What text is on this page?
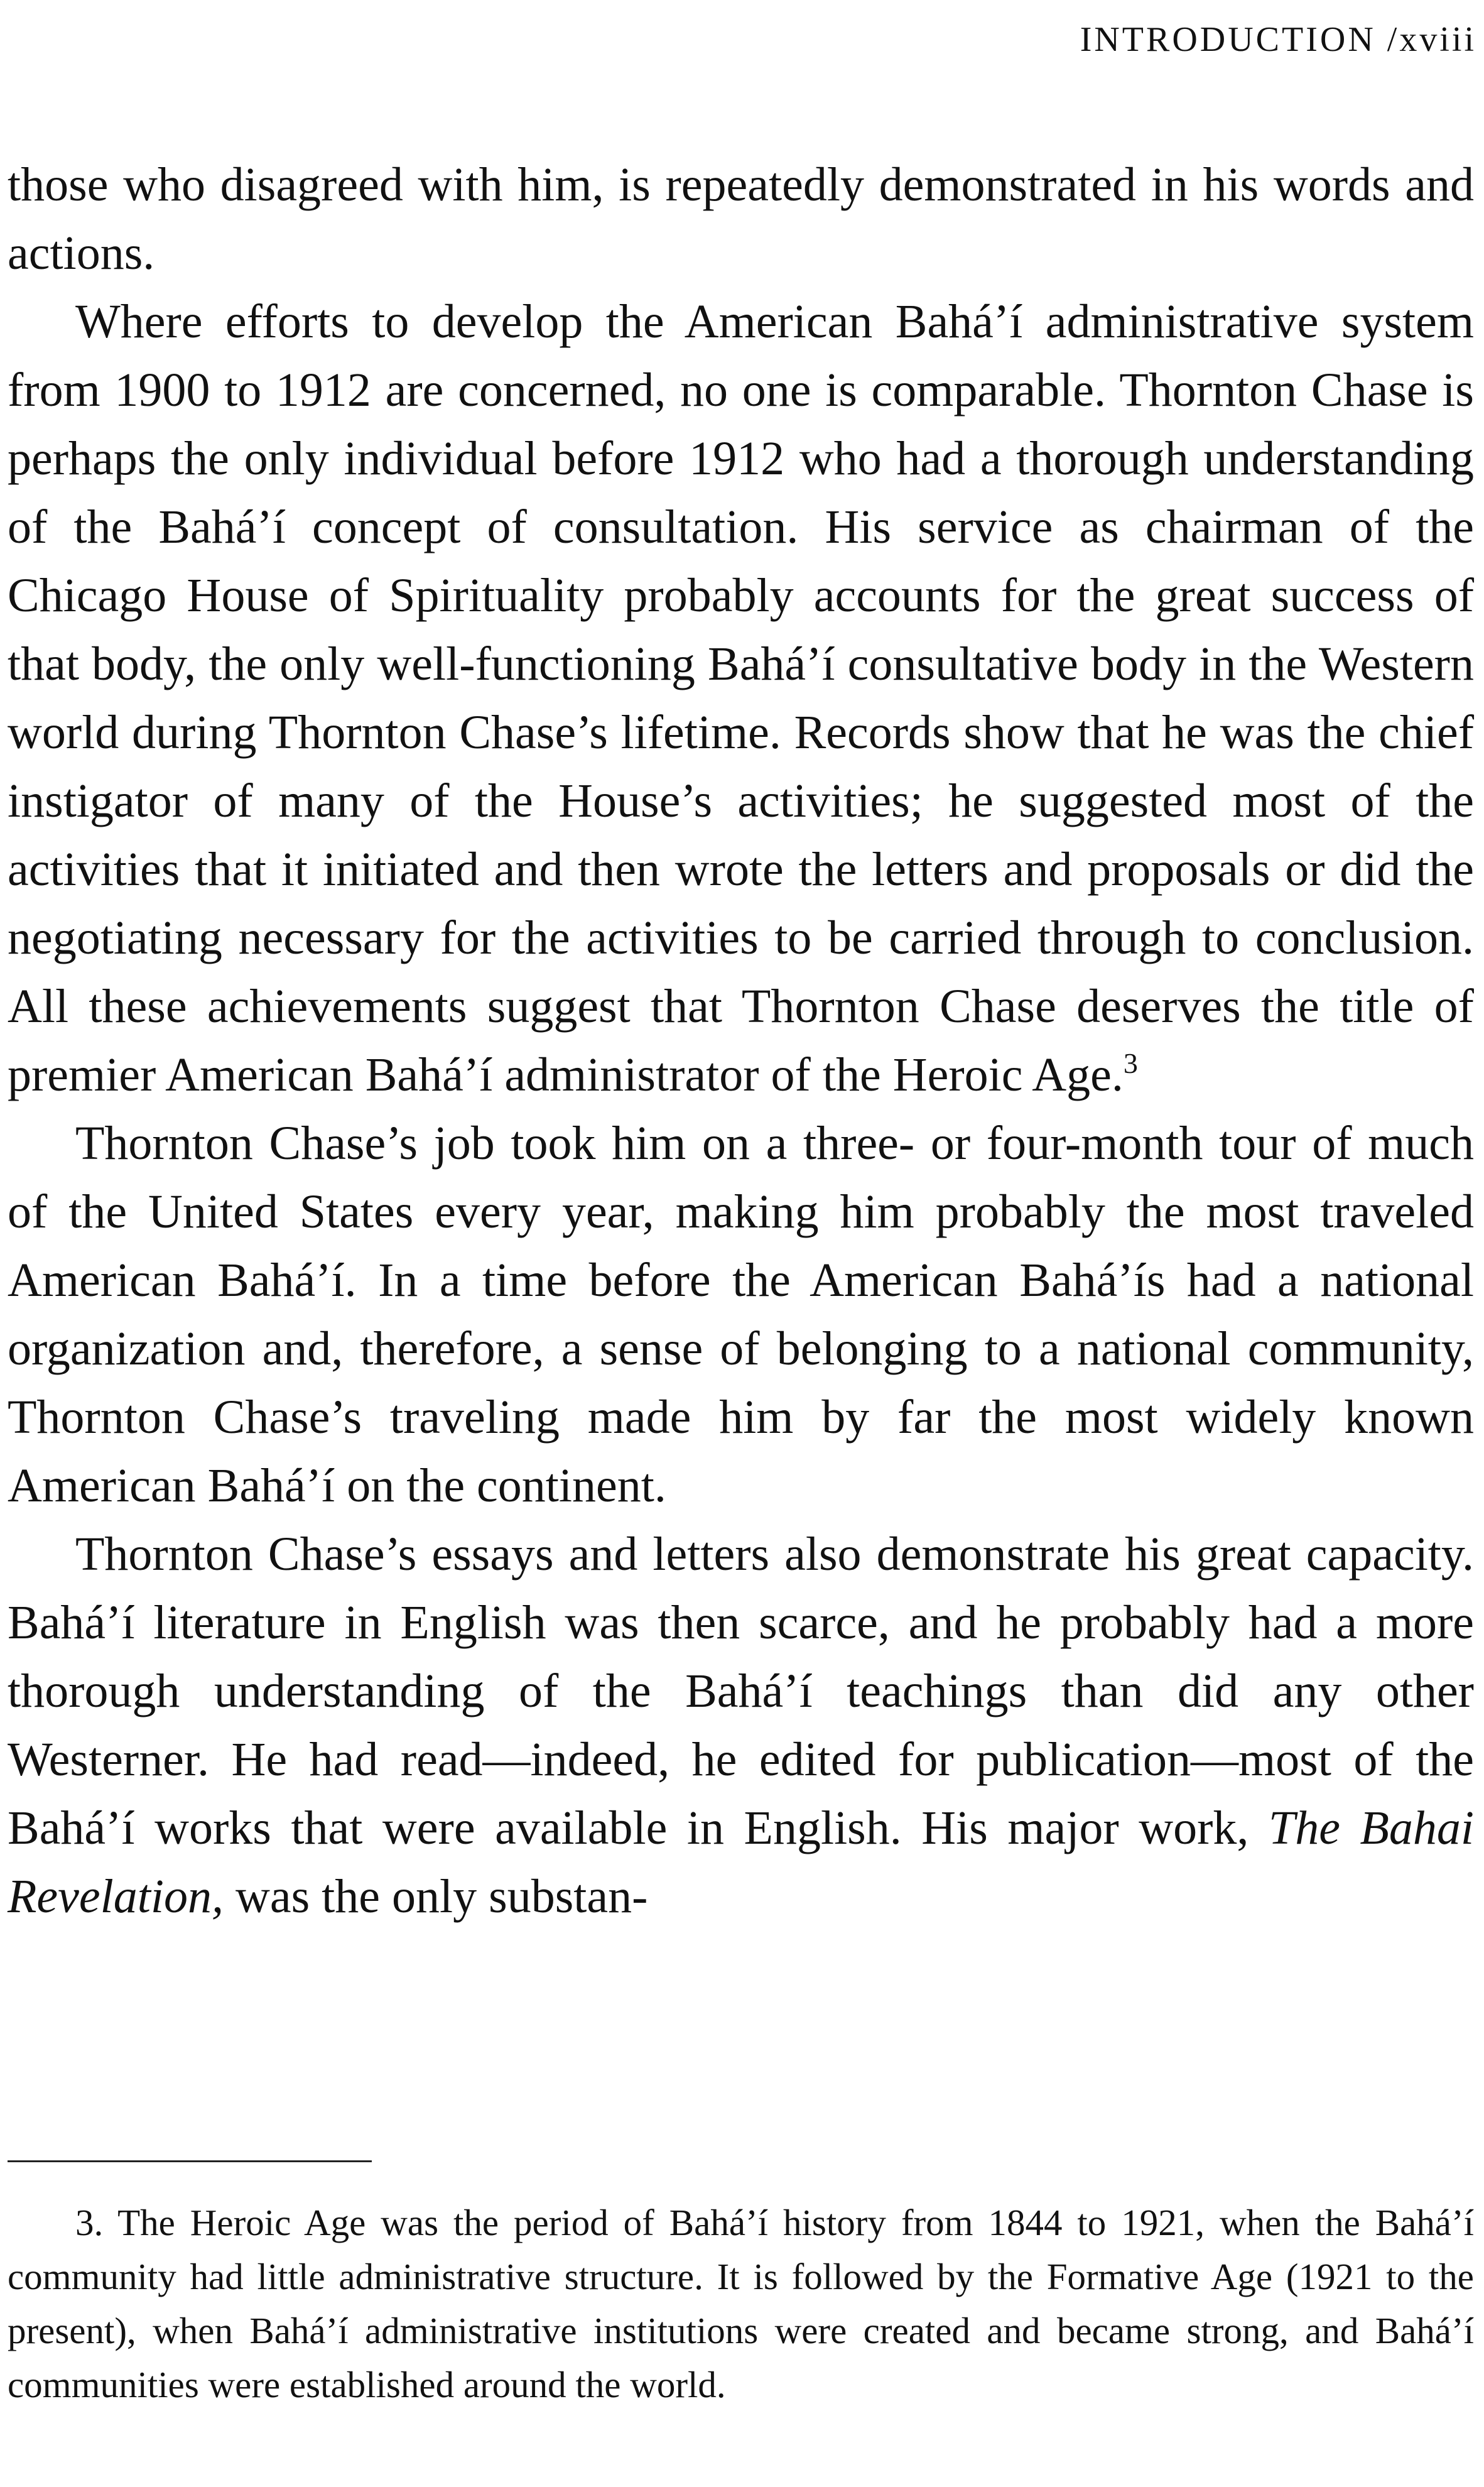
INTRODUCTION /xviii

those who disagreed with him, is repeatedly demonstrated in his words and actions.

Where efforts to develop the American Bahá’í administrative system from 1900 to 1912 are concerned, no one is comparable. Thornton Chase is perhaps the only individual before 1912 who had a thorough understanding of the Bahá’í concept of consultation. His service as chairman of the Chicago House of Spirituality probably accounts for the great success of that body, the only well-functioning Bahá’í consultative body in the Western world during Thornton Chase’s lifetime. Records show that he was the chief instigator of many of the House’s activities; he suggested most of the activities that it initiated and then wrote the letters and proposals or did the negotiating necessary for the activities to be carried through to conclusion. All these achievements suggest that Thornton Chase deserves the title of premier American Bahá’í administrator of the Heroic Age.$^3$

Thornton Chase’s job took him on a three- or four-month tour of much of the United States every year, making him probably the most traveled American Bahá’í. In a time before the American Bahá’ís had a national organization and, therefore, a sense of belonging to a national community, Thornton Chase’s traveling made him by far the most widely known American Bahá’í on the continent.

Thornton Chase’s essays and letters also demonstrate his great capacity. Bahá’í literature in English was then scarce, and he probably had a more thorough understanding of the Bahá’í teachings than did any other Westerner. He had read—indeed, he edited for publication—most of the Bahá’í works that were available in English. His major work, The Bahai Revelation, was the only substan-

3. The Heroic Age was the period of Bahá’í history from 1844 to 1921, when the Bahá’í community had little administrative structure. It is followed by the Formative Age (1921 to the present), when Bahá’í administrative institutions were created and became strong, and Bahá’í communities were established around the world.
